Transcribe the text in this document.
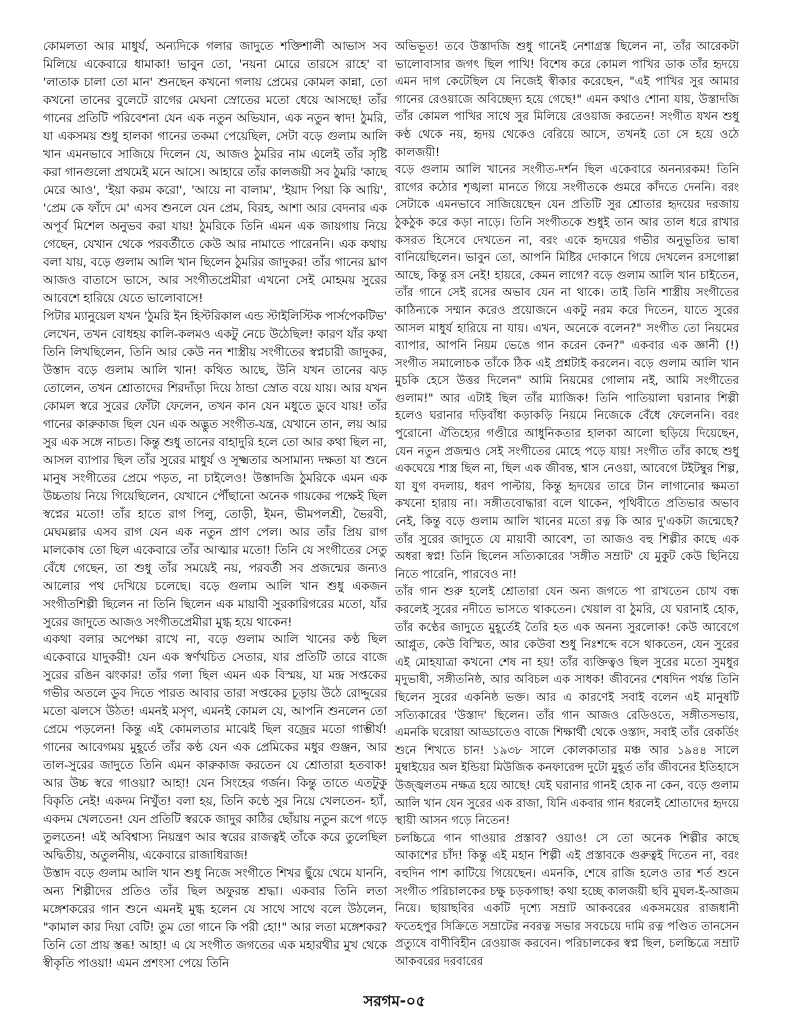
কোমলতা আর মাধুর্য, অন্যদিকে গলার জাদুতে শক্তিশালী আভাস সব মিলিয়ে একেবারে ধামাকা! ভাবুন তো, 'নয়না মোরে তারসে রাহে' বা 'লাতাক চালা তো মান' শুনছেন কখনো গলায় প্রেমের কোমল কান্না, তো কখনো তানের বুলেটে রাগের মেঘনা স্রোতের মতো ধেয়ে আসছে! তাঁর গানের প্রতিটি পরিবেশনা যেন এক নতুন অভিযান, এক নতুন স্বাদ! ঠুমরি, যা একসময় শুধু হালকা গানের তকমা পেয়েছিল, সেটা বড়ে গুলাম আলি খান এমনভাবে সাজিয়ে দিলেন যে, আজও ঠুমরির নাম এলেই তাঁর সৃষ্টি করা গানগুলো প্রথমেই মনে আসে। আহারে তাঁর কালজয়ী সব ঠুমরি 'কাছে মেরে আও', 'ইয়া করম করো', 'আয়ে না বালাম', 'ইয়াদ পিয়া কি আয়ি', 'প্রেম কে ফাঁদে মে' এসব শুনলে যেন প্রেম, বিরহ, আশা আর বেদনার এক অপূর্ব মিশেল অনুভব করা যায়! ঠুমরিকে তিনি এমন এক জায়গায় নিয়ে গেছেন, যেখান থেকে পরবর্তীতে কেউ আর নামাতে পারেননি। এক কথায় বলা যায়, বড়ে গুলাম আলি খান ছিলেন ঠুমরির জাদুকর! তাঁর গানের ঘ্রাণ আজও বাতাসে ভাসে, আর সংগীতপ্রেমীরা এখনো সেই মোহময় সুরের আবেশে হারিয়ে যেতে ভালোবাসে!

পিটার ম্যানুয়েল যখন 'ঠুমরি ইন হিস্টরিকাল এন্ড স্টাইলিস্টিক পার্সপেকটিভ' লেখেন, তখন বোধহয় কালি-কলমও একটু নেচে উঠেছিল! কারণ যাঁর কথা তিনি লিখছিলেন, তিনি আর কেউ নন শাস্ত্রীয় সংগীতের স্বপ্নচারী জাদুকর, উস্তাদ বড়ে গুলাম আলি খান! কথিত আছে, উনি যখন তানের ঝড় তোলেন, তখন শ্রোতাদের শিরদাঁড়া দিয়ে ঠান্ডা স্রোত বয়ে যায়। আর যখন কোমল স্বরে সুরের ফোঁটা ফেলেন, তখন কান যেন মধুতে ডুবে যায়! তাঁর গানের কারুকাজ ছিল যেন এক অদ্ভুত সংগীত-যন্ত্র, যেখানে তান, লয় আর সুর এক সঙ্গে নাচত। কিন্তু শুধু তানের বাহাদুরি হলে তো আর কথা ছিল না, আসল ব্যাপার ছিল তাঁর সুরের মাধুর্য ও সূক্ষ্মতার অসামান্য দক্ষতা যা শুনে মানুষ সংগীতের প্রেমে পড়ত, না চাইলেও! উস্তাদজি ঠুমরিকে এমন এক উচ্চতায় নিয়ে গিয়েছিলেন, যেখানে পৌঁছানো অনেক গায়কের পক্ষেই ছিল স্বপ্নের মতো! তাঁর হাতে রাগ পিলু, তোড়ী, ইমন, ভীমপলশ্রী, ভৈরবী, মেঘমল্লার এসব রাগ যেন এক নতুন প্রাণ পেল। আর তাঁর প্রিয় রাগ মালকোষ তো ছিল একেবারে তাঁর আত্মার মতো! তিনি যে সংগীতের সেতু বেঁধে গেছেন, তা শুধু তাঁর সময়েই নয়, পরবর্তী সব প্রজন্মের জন্যও আলোর পথ দেখিয়ে চলেছে। বড়ে গুলাম আলি খান শুধু একজন সংগীতশিল্পী ছিলেন না তিনি ছিলেন এক মায়াবী সুরকারিগরের মতো, যাঁর সুরের জাদুতে আজও সংগীতপ্রেমীরা মুগ্ধ হয়ে থাকেন!

একথা বলার অপেক্ষা রাখে না, বড়ে গুলাম আলি খানের কণ্ঠ ছিল একেবারে যাদুকরী! যেন এক স্বর্ণখচিত সেতার, যার প্রতিটি তারে বাজে সুরের রঙিন ঝংকার! তাঁর গলা ছিল এমন এক বিস্ময়, যা মন্দ্র সপ্তকের গভীর অতলে ডুব দিতে পারত আবার তারা সপ্তকের চূড়ায় উঠে রোদ্দুরের মতো ঝলসে উঠত! এমনই মসৃণ, এমনই কোমল যে, আপনি শুনলেন তো প্রেমে পড়লেন! কিন্তু এই কোমলতার মাঝেই ছিল বজ্রের মতো গাম্ভীর্য! গানের আবেগময় মুহূর্তে তাঁর কণ্ঠ যেন এক প্রেমিকের মধুর গুঞ্জন, আর তাল-সুরের জাদুতে তিনি এমন কারুকাজ করতেন যে শ্রোতারা হতবাক! আর উচ্চ স্বরে গাওয়া? আহা! যেন সিংহের গর্জন। কিন্তু তাতে এতটুকু বিকৃতি নেই! একদম নিখুঁত! বলা হয়, তিনি কণ্ঠে সুর নিয়ে খেলতেন- হ্যাঁ, একদম খেলতেন! যেন প্রতিটি স্বরকে জাদুর কাঠির ছোঁয়ায় নতুন রূপে গড়ে তুলতেন! এই অবিশ্বাস্য নিয়ন্ত্রণ আর স্বরের রাজত্বই তাঁকে করে তুলেছিল অদ্বিতীয়, অতুলনীয়, একেবারে রাজাধিরাজ!

উস্তাদ বড়ে গুলাম আলি খান শুধু নিজে সংগীতে শিখর ছুঁয়ে থেমে যাননি, অন্য শিল্পীদের প্রতিও তাঁর ছিল অফুরন্ত শ্রদ্ধা। একবার তিনি লতা মঙ্গেশকরের গান শুনে এমনই মুগ্ধ হলেন যে সাথে সাথে বলে উঠলেন, "কামাল কার দিয়া বেটি! তুম তো গানে কি পরী হো!" আর লতা মঙ্গেশকর? তিনি তো প্রায় স্তব্ধ! আহা! এ যে সংগীত জগতের এক মহারথীর মুখ থেকে স্বীকৃতি পাওয়া! এমন প্রশংসা পেয়ে তিনি

অভিভূত! তবে উস্তাদজি শুধু গানেই নেশাগ্রস্ত ছিলেন না, তাঁর আরেকটা ভালোবাসার জগৎ ছিল পাখি! বিশেষ করে কোমল পাখির ডাক তাঁর হৃদয়ে এমন দাগ কেটেছিল যে নিজেই স্বীকার করেছেন, "এই পাখির সুর আমার গানের রেওয়াজে অবিচ্ছেদ্য হয়ে গেছে!" এমন কথাও শোনা যায়, উস্তাদজি তাঁর কোমল পাখির সাথে সুর মিলিয়ে রেওয়াজ করতেন! সংগীত যখন শুধু কণ্ঠ থেকে নয়, হৃদয় থেকেও বেরিয়ে আসে, তখনই তো সে হয়ে ওঠে কালজয়ী!

বড়ে গুলাম আলি খানের সংগীত-দর্শন ছিল একেবারে অনন্যরকম! তিনি রাগের কঠোর শৃঙ্খলা মানতে গিয়ে সংগীতকে গুমরে কাঁদতে দেননি। বরং সেটাকে এমনভাবে সাজিয়েছেন যেন প্রতিটি সুর শ্রোতার হৃদয়ের দরজায় ঠুকঠুক করে কড়া নাড়ে। তিনি সংগীতকে শুধুই তান আর তাল ধরে রাখার কসরত হিসেবে দেখতেন না, বরং একে হৃদয়ের গভীর অনুভূতির ভাষা বানিয়েছিলেন। ভাবুন তো, আপনি মিষ্টির দোকানে গিয়ে দেখলেন রসগোল্লা আছে, কিন্তু রস নেই! হায়রে, কেমন লাগে? বড়ে গুলাম আলি খান চাইতেন, তাঁর গানে সেই রসের অভাব যেন না থাকে। তাই তিনি শাস্ত্রীয় সংগীতের কাঠিন্যকে সম্মান করেও প্রয়োজনে একটু নরম করে দিতেন, যাতে সুরের আসল মাধুর্য হারিয়ে না যায়। এখন, অনেকে বলেন?" সংগীত তো নিয়মের ব্যাপার, আপনি নিয়ম ভেঙে গান করেন কেন?" একবার এক জ্ঞানী (!) সংগীত সমালোচক তাঁকে ঠিক এই প্রশ্নটাই করলেন। বড়ে গুলাম আলি খান মুচকি হেসে উত্তর দিলেন" আমি নিয়মের গোলাম নই, আমি সংগীতের গুলাম!" আর এটাই ছিল তাঁর ম্যাজিক! তিনি পাতিয়ালা ঘরানার শিল্পী হলেও ঘরানার দড়িবাঁধা কড়াকড়ি নিয়মে নিজেকে বেঁধে ফেলেননি। বরং পুরোনো ঐতিহ্যের গণ্ডীরে আধুনিকতার হালকা আলো ছড়িয়ে দিয়েছেন, যেন নতুন প্রজন্মও সেই সংগীতের মোহে পড়ে যায়! সংগীত তাঁর কাছে শুধু একঘেয়ে শাস্ত্র ছিল না, ছিল এক জীবন্ত, শ্বাস নেওয়া, আবেগে টইটম্বুর শিল্প, যা যুগ বদলায়, ধরণ পাল্টায়, কিন্তু হৃদয়ের তারে টান লাগানোর ক্ষমতা কখনো হারায় না। সঙ্গীতবোদ্ধারা বলে থাকেন, পৃথিবীতে প্রতিভার অভাব নেই, কিন্তু বড়ে গুলাম আলি খানের মতো রত্ন কি আর দু'একটা জন্মেছে? তাঁর সুরের জাদুতে যে মায়াবী আবেশ, তা আজও বহু শিল্পীর কাছে এক অধরা স্বপ্ন! তিনি ছিলেন সত্যিকারের 'সঙ্গীত সম্রাট' যে মুকুট কেউ ছিনিয়ে নিতে পারেনি, পারবেও না!

তাঁর গান শুরু হলেই শ্রোতারা যেন অন্য জগতে পা রাখতেন চোখ বন্ধ করলেই সুরের নদীতে ভাসতে থাকতেন। খেয়াল বা ঠুমরি, যে ঘরানাই হোক, তাঁর কণ্ঠের জাদুতে মুহূর্তেই তৈরি হত এক অনন্য সুরলোক! কেউ আবেগে আপ্লুত, কেউ বিস্মিত, আর কেউবা শুধু নিঃশব্দে বসে থাকতেন, যেন সুরের এই মোহযাত্রা কখনো শেষ না হয়! তাঁর ব্যক্তিত্বও ছিল সুরের মতো সুমধুর মৃদুভাষী, সঙ্গীতনিষ্ঠ, আর অবিচল এক সাধক! জীবনের শেষদিন পর্যন্ত তিনি ছিলেন সুরের একনিষ্ঠ ভক্ত। আর এ কারণেই সবাই বলেন এই মানুষটি সত্যিকারের 'উস্তাদ' ছিলেন। তাঁর গান আজও রেডিওতে, সঙ্গীতসভায়, এমনকি ঘরোয়া আড্ডাতেও বাজে শিক্ষার্থী থেকে ওস্তাদ, সবাই তাঁর রেকর্ডিং শুনে শিখতে চান! ১৯৩৮ সালে কোলকাতার মঞ্চ আর ১৯৪৪ সালে মুম্বাইয়ের অল ইন্ডিয়া মিউজিক কনফারেন্স দুটো মুহূর্ত তাঁর জীবনের ইতিহাসে উজ্জ্বলতম নক্ষত্র হয়ে আছে! যেই ঘরানার গানই হোক না কেন, বড়ে গুলাম আলি খান যেন সুরের এক রাজা, যিনি একবার গান ধরলেই শ্রোতাদের হৃদয়ে স্থায়ী আসন গড়ে নিতেন!

চলচ্চিত্রে গান গাওয়ার প্রস্তাব? ওয়াও! সে তো অনেক শিল্পীর কাছে আকাশের চাঁদ! কিন্তু এই মহান শিল্পী এই প্রস্তাবকে গুরুত্বই দিতেন না, বরং বহুদিন পাশ কাটিয়ে গিয়েছেন। এমনকি, শেষে রাজি হলেও তার শর্ত শুনে সংগীত পরিচালকের চক্ষু চড়কগাছ! কথা হচ্ছে কালজয়ী ছবি মুঘল-ই-আজম নিয়ে। ছায়াছবির একটি দৃশ্যে সম্রাট আকবরের একসময়ের রাজধানী ফতেহপুর সিক্রিতে সম্রাটের নবরত্ন সভার সবচেয়ে দামি রত্ন পণ্ডিত তানসেন প্রত্যুষে বাণীবিহীন রেওয়াজ করবেন। পরিচালকের স্বপ্ন ছিল, চলচ্চিত্রে সম্রাট আকবরের দরবারের

সরগম-০৫
